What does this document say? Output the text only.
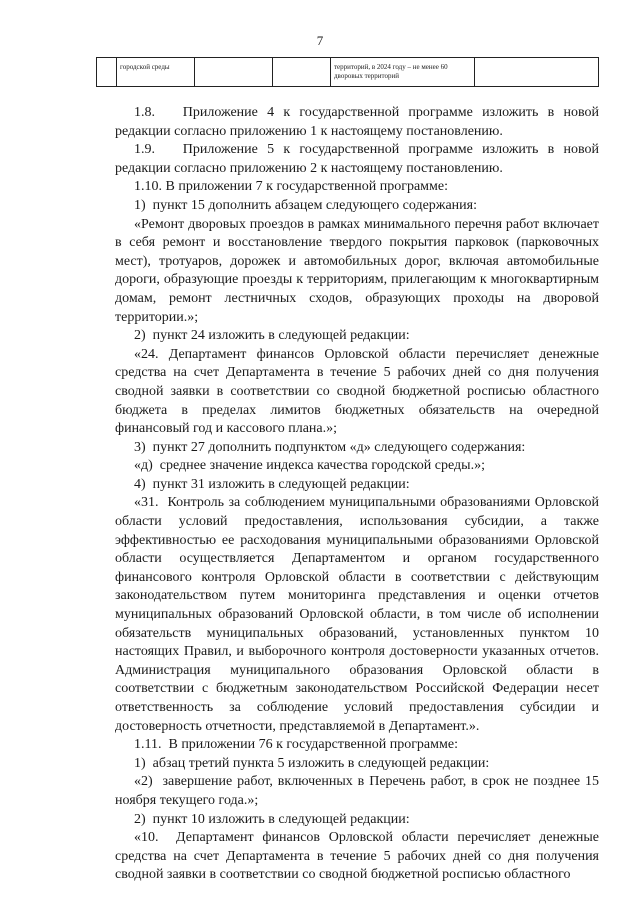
7

городской среды			территорий, в 2024 году – не менее 60 дворовых территорий

1.8.   Приложение 4 к государственной программе изложить в новой редакции согласно приложению 1 к настоящему постановлению.

1.9.   Приложение 5 к государственной программе изложить в новой редакции согласно приложению 2 к настоящему постановлению.

1.10. В приложении 7 к государственной программе:

1)  пункт 15 дополнить абзацем следующего содержания:

«Ремонт дворовых проездов в рамках минимального перечня работ включает в себя ремонт и восстановление твердого покрытия парковок (парковочных мест), тротуаров, дорожек и автомобильных дорог, включая автомобильные дороги, образующие проезды к территориям, прилегающим к многоквартирным домам, ремонт лестничных сходов, образующих проходы на дворовой территории.»;

2)  пункт 24 изложить в следующей редакции:

«24. Департамент финансов Орловской области перечисляет денежные средства на счет Департамента в течение 5 рабочих дней со дня получения сводной заявки в соответствии со сводной бюджетной росписью областного бюджета в пределах лимитов бюджетных обязательств на очередной финансовый год и кассового плана.»;

3)  пункт 27 дополнить подпунктом «д» следующего содержания:

«д)  среднее значение индекса качества городской среды.»;

4)  пункт 31 изложить в следующей редакции:

«31.  Контроль за соблюдением муниципальными образованиями Орловской области условий предоставления, использования субсидии, а также эффективностью ее расходования муниципальными образованиями Орловской области осуществляется Департаментом и органом государственного финансового контроля Орловской области в соответствии с действующим законодательством путем мониторинга представления и оценки отчетов муниципальных образований Орловской области, в том числе об исполнении обязательств муниципальных образований, установленных пунктом 10 настоящих Правил, и выборочного контроля достоверности указанных отчетов. Администрация муниципального образования Орловской области в соответствии с бюджетным законодательством Российской Федерации несет ответственность за соблюдение условий предоставления субсидии и достоверность отчетности, представляемой в Департамент.».

1.11.  В приложении 76 к государственной программе:

1)  абзац третий пункта 5 изложить в следующей редакции:

«2)  завершение работ, включенных в Перечень работ, в срок не позднее 15 ноября текущего года.»;

2)  пункт 10 изложить в следующей редакции:

«10.  Департамент финансов Орловской области перечисляет денежные средства на счет Департамента в течение 5 рабочих дней со дня получения сводной заявки в соответствии со сводной бюджетной росписью областного
